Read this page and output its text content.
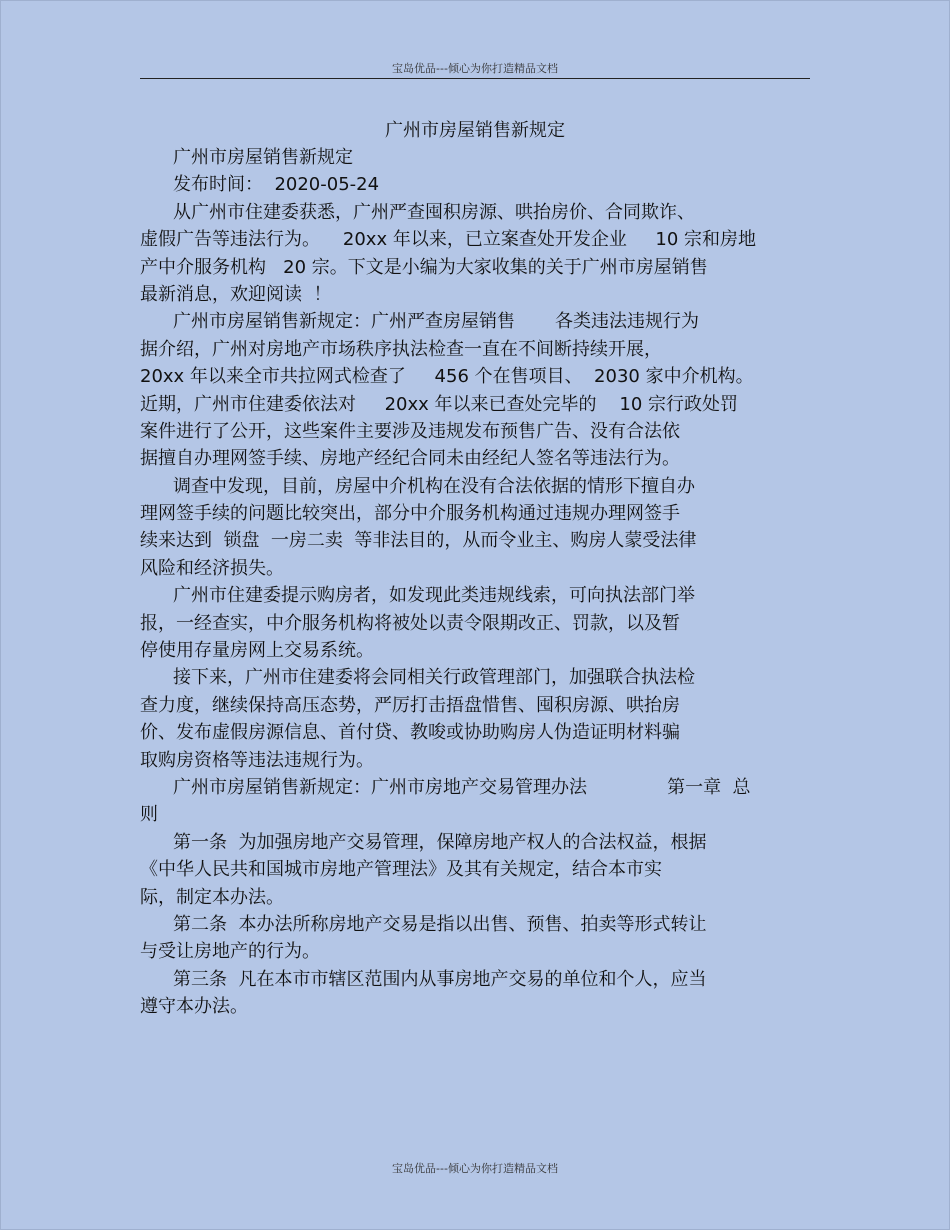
宝岛优品---倾心为你打造精品文档
广州市房屋销售新规定
广州市房屋销售新规定
发布时间：  2020-05-24
从广州市住建委获悉，广州严查囤积房源、哄抬房价、合同欺诈、
虚假广告等违法行为。    20xx 年以来，已立案查处开发企业     10 宗和房地
产中介服务机构   20 宗。下文是小编为大家收集的关于广州市房屋销售
最新消息，欢迎阅读  ！
广州市房屋销售新规定：广州严查房屋销售       各类违法违规行为
据介绍，广州对房地产市场秩序执法检查一直在不间断持续开展，
20xx 年以来全市共拉网式检查了     456 个在售项目、  2030 家中介机构。
近期，广州市住建委依法对     20xx 年以来已查处完毕的    10 宗行政处罚
案件进行了公开，这些案件主要涉及违规发布预售广告、没有合法依
据擅自办理网签手续、房地产经纪合同未由经纪人签名等违法行为。
调查中发现，目前，房屋中介机构在没有合法依据的情形下擅自办
理网签手续的问题比较突出，部分中介服务机构通过违规办理网签手
续来达到  锁盘  一房二卖  等非法目的，从而令业主、购房人蒙受法律
风险和经济损失。
广州市住建委提示购房者，如发现此类违规线索，可向执法部门举
报，一经查实，中介服务机构将被处以责令限期改正、罚款，以及暂
停使用存量房网上交易系统。
接下来，广州市住建委将会同相关行政管理部门，加强联合执法检
查力度，继续保持高压态势，严厉打击捂盘惜售、囤积房源、哄抬房
价、发布虚假房源信息、首付贷、教唆或协助购房人伪造证明材料骗
取购房资格等违法违规行为。
广州市房屋销售新规定：广州市房地产交易管理办法              第一章  总
则
第一条  为加强房地产交易管理，保障房地产权人的合法权益，根据
《中华人民共和国城市房地产管理法》及其有关规定，结合本市实
际，制定本办法。
第二条  本办法所称房地产交易是指以出售、预售、拍卖等形式转让
与受让房地产的行为。
第三条  凡在本市市辖区范围内从事房地产交易的单位和个人，应当
遵守本办法。
宝岛优品---倾心为你打造精品文档
